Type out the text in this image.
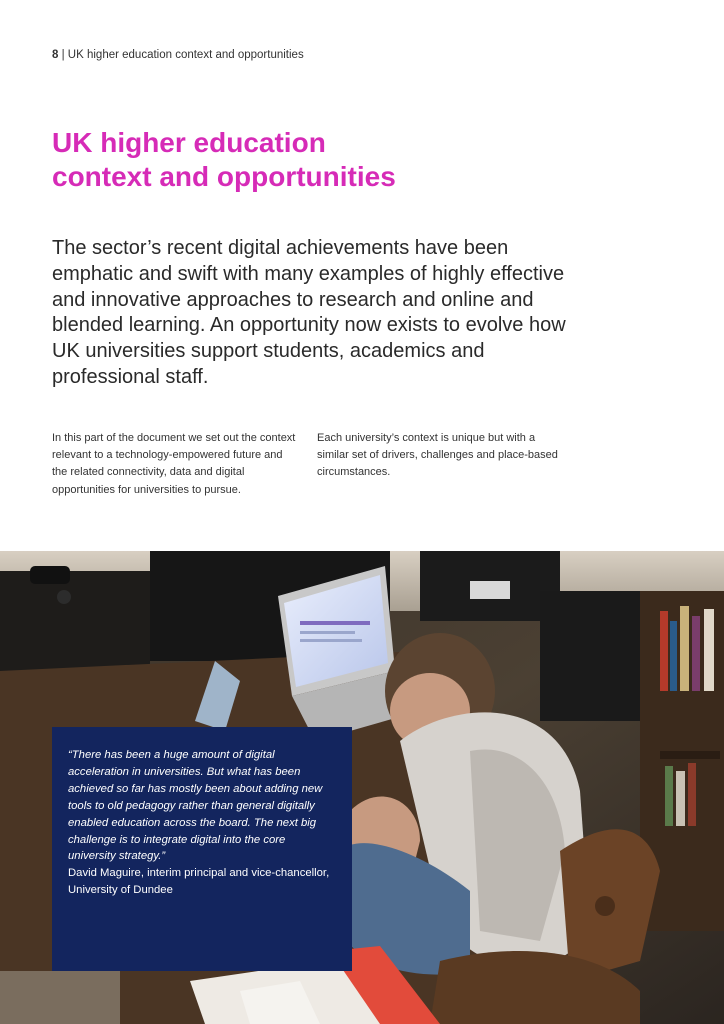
8 | UK higher education context and opportunities
UK higher education
context and opportunities

The sector’s recent digital achievements have been emphatic and swift with many examples of highly effective and innovative approaches to research and online and blended learning. An opportunity now exists to evolve how UK universities support students, academics and professional staff.

In this part of the document we set out the context relevant to a technology-empowered future and the related connectivity, data and digital opportunities for universities to pursue.

Each university’s context is unique but with a similar set of drivers, challenges and place-based circumstances.

“There has been a huge amount of digital acceleration in universities. But what has been achieved so far has mostly been about adding new tools to old pedagogy rather than general digitally enabled education across the board. The next big challenge is to integrate digital into the core university strategy.”

David Maguire, interim principal and vice-chancellor, University of Dundee
